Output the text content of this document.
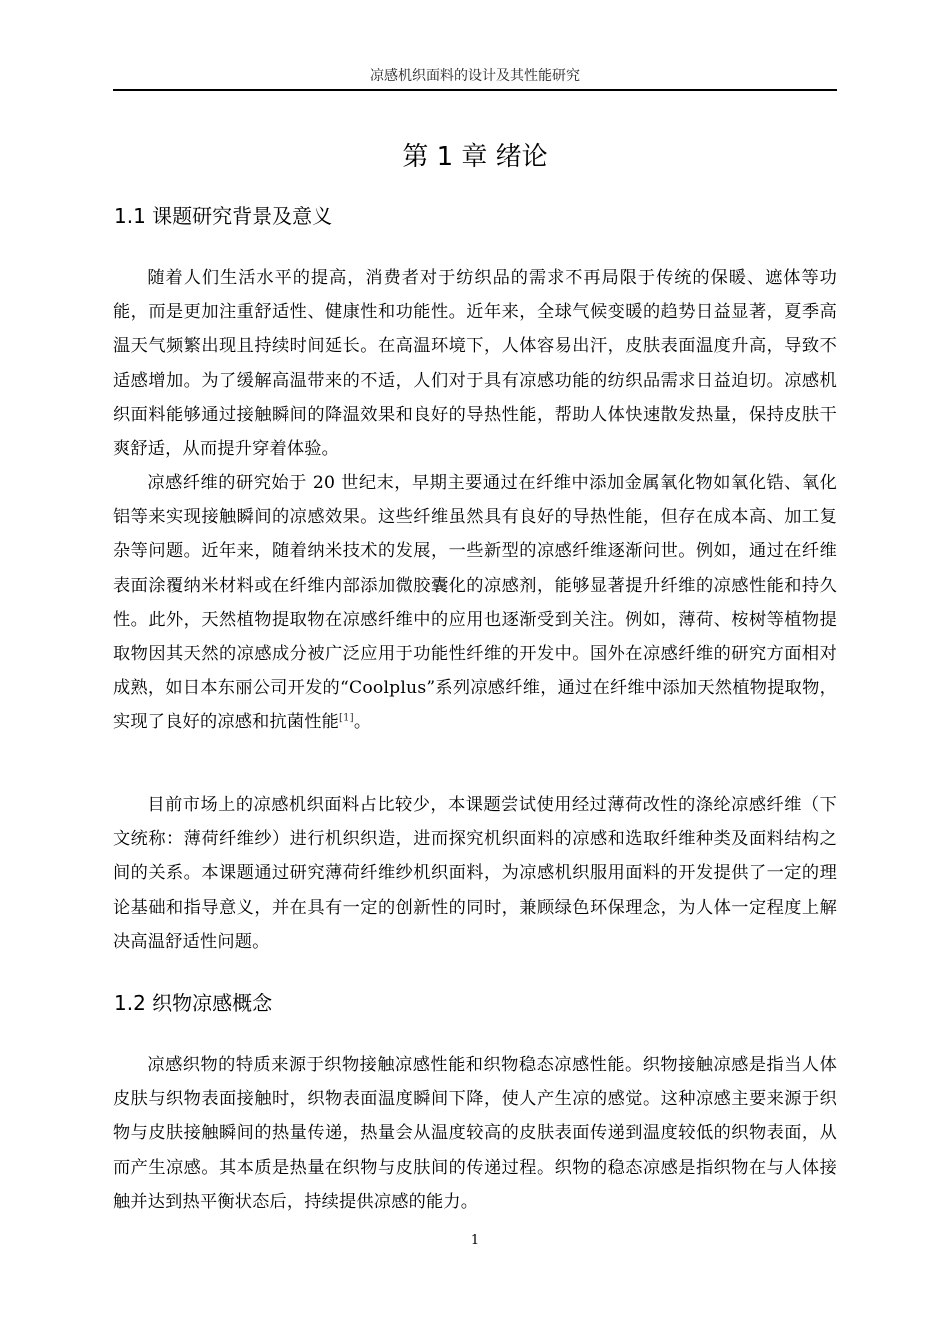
凉感机织面料的设计及其性能研究
第 1 章 绪论
1.1 课题研究背景及意义

随着人们生活水平的提高，消费者对于纺织品的需求不再局限于传统的保暖、遮体等功能，而是更加注重舒适性、健康性和功能性。近年来，全球气候变暖的趋势日益显著，夏季高温天气频繁出现且持续时间延长。在高温环境下，人体容易出汗，皮肤表面温度升高，导致不适感增加。为了缓解高温带来的不适，人们对于具有凉感功能的纺织品需求日益迫切。凉感机织面料能够通过接触瞬间的降温效果和良好的导热性能，帮助人体快速散发热量，保持皮肤干爽舒适，从而提升穿着体验。

凉感纤维的研究始于 20 世纪末，早期主要通过在纤维中添加金属氧化物如氧化锆、氧化铝等来实现接触瞬间的凉感效果。这些纤维虽然具有良好的导热性能，但存在成本高、加工复杂等问题。近年来，随着纳米技术的发展，一些新型的凉感纤维逐渐问世。例如，通过在纤维表面涂覆纳米材料或在纤维内部添加微胶囊化的凉感剂，能够显著提升纤维的凉感性能和持久性。此外，天然植物提取物在凉感纤维中的应用也逐渐受到关注。例如，薄荷、桉树等植物提取物因其天然的凉感成分被广泛应用于功能性纤维的开发中。国外在凉感纤维的研究方面相对成熟，如日本东丽公司开发的“Coolplus”系列凉感纤维，通过在纤维中添加天然植物提取物，实现了良好的凉感和抗菌性能[1]。

目前市场上的凉感机织面料占比较少，本课题尝试使用经过薄荷改性的涤纶凉感纤维（下文统称：薄荷纤维纱）进行机织织造，进而探究机织面料的凉感和选取纤维种类及面料结构之间的关系。本课题通过研究薄荷纤维纱机织面料，为凉感机织服用面料的开发提供了一定的理论基础和指导意义，并在具有一定的创新性的同时，兼顾绿色环保理念，为人体一定程度上解决高温舒适性问题。

1.2 织物凉感概念

凉感织物的特质来源于织物接触凉感性能和织物稳态凉感性能。织物接触凉感是指当人体皮肤与织物表面接触时，织物表面温度瞬间下降，使人产生凉的感觉。这种凉感主要来源于织物与皮肤接触瞬间的热量传递，热量会从温度较高的皮肤表面传递到温度较低的织物表面，从而产生凉感。其本质是热量在织物与皮肤间的传递过程。织物的稳态凉感是指织物在与人体接触并达到热平衡状态后，持续提供凉感的能力。

1
